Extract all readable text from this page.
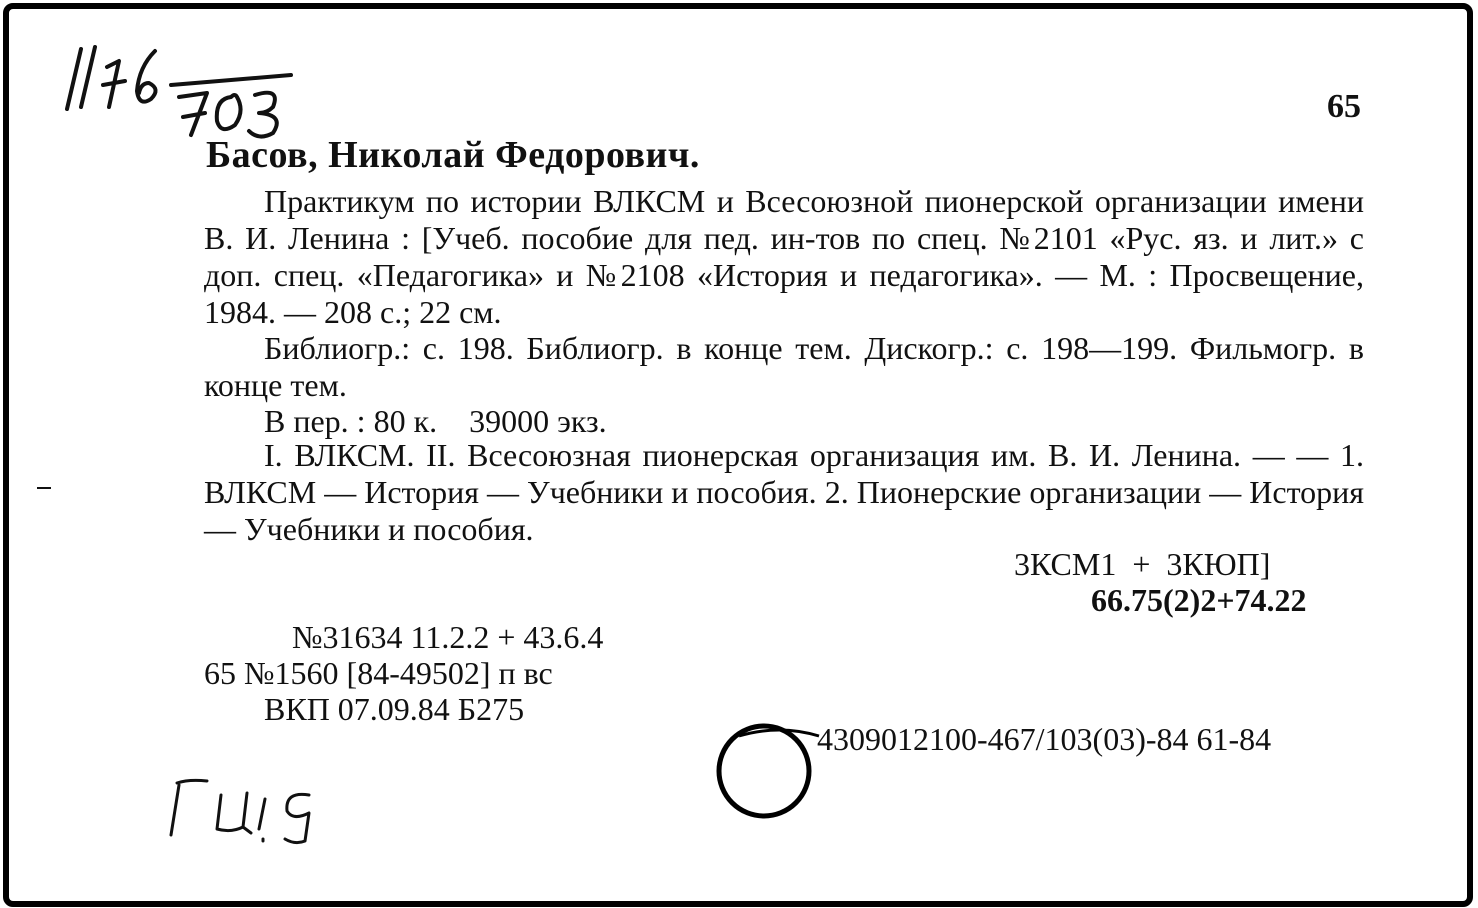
65
Басов, Николай Федорович.
Практикум по истории ВЛКСМ и Всесоюзной пионерской организации имени В. И. Ленина : [Учеб. пособие для пед. ин-тов по спец. №2101 «Рус. яз. и лит.» с доп. спец. «Педагогика» и №2108 «История и педагогика». — М. : Просвещение, 1984. — 208 с.; 22 см.
Библиогр.: с. 198. Библиогр. в конце тем. Дискогр.: с. 198—199. Фильмогр. в конце тем.
В пер. : 80 к.    39000 экз.
I. ВЛКСМ. II. Всесоюзная пионерская организация им. В. И. Ленина. — — 1. ВЛКСМ — История — Учебники и пособия. 2. Пионерские организации — История — Учебники и пособия.
3КСМ1  +  3КЮП]
66.75(2)2+74.22
№31634 11.2.2 + 43.6.4
65 №1560 [84-49502] п вс
ВКП 07.09.84 Б275
4309012100-467/103(03)-84 61-84
